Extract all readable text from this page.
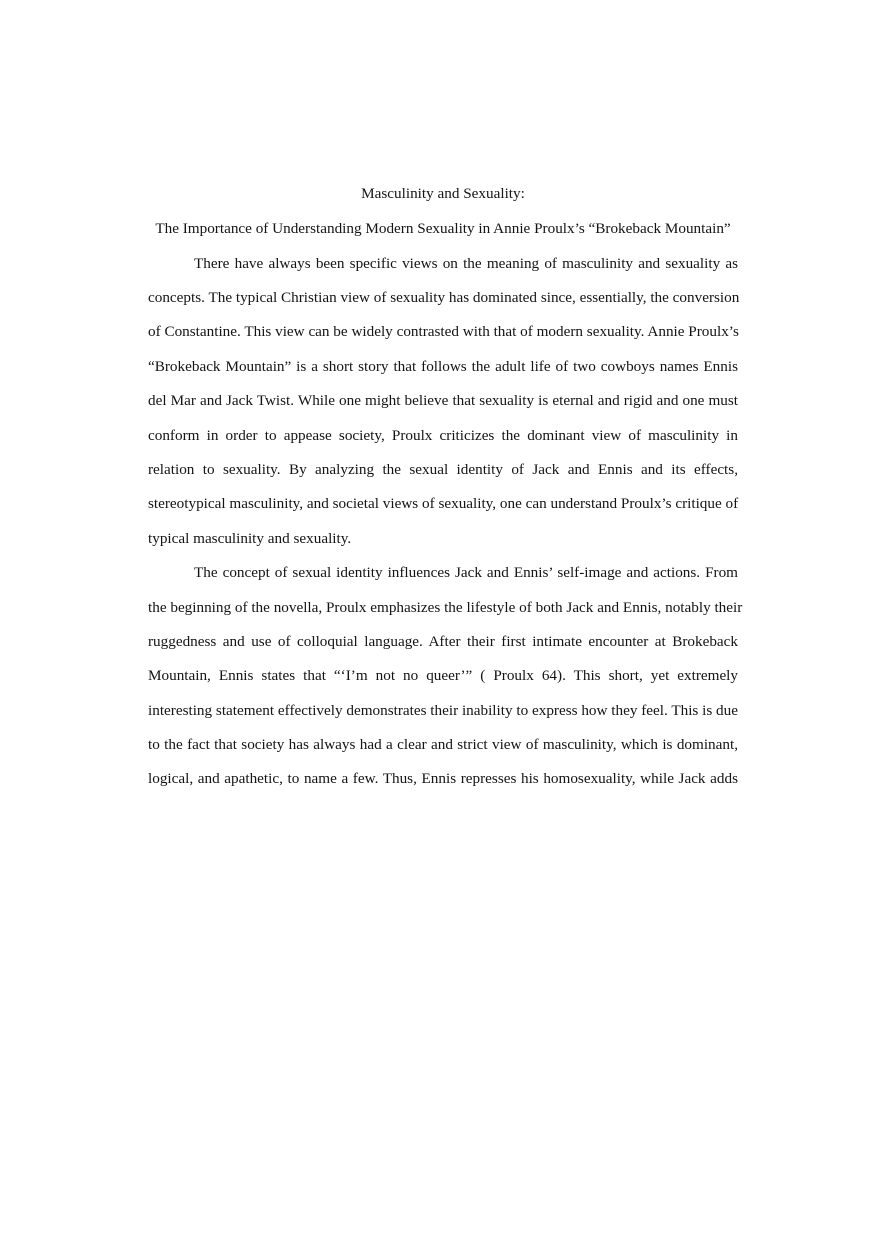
Masculinity and Sexuality:
The Importance of Understanding Modern Sexuality in Annie Proulx’s “Brokeback Mountain”
There have always been specific views on the meaning of masculinity and sexuality as
concepts. The typical Christian view of sexuality has dominated since, essentially, the conversion
of Constantine. This view can be widely contrasted with that of modern sexuality. Annie Proulx’s
“Brokeback Mountain” is a short story that follows the adult life of two cowboys names Ennis
del Mar and Jack Twist. While one might believe that sexuality is eternal and rigid and one must
conform in order to appease society, Proulx criticizes the dominant view of masculinity in
relation to sexuality. By analyzing the sexual identity of Jack and Ennis and its effects,
stereotypical masculinity, and societal views of sexuality, one can understand Proulx’s critique of
typical masculinity and sexuality.
The concept of sexual identity influences Jack and Ennis’ self-image and actions. From
the beginning of the novella, Proulx emphasizes the lifestyle of both Jack and Ennis, notably their
ruggedness and use of colloquial language. After their first intimate encounter at Brokeback
Mountain, Ennis states that “‘I’m not no queer’” ( Proulx 64). This short, yet extremely
interesting statement effectively demonstrates their inability to express how they feel. This is due
to the fact that society has always had a clear and strict view of masculinity, which is dominant,
logical, and apathetic, to name a few. Thus, Ennis represses his homosexuality, while Jack adds
